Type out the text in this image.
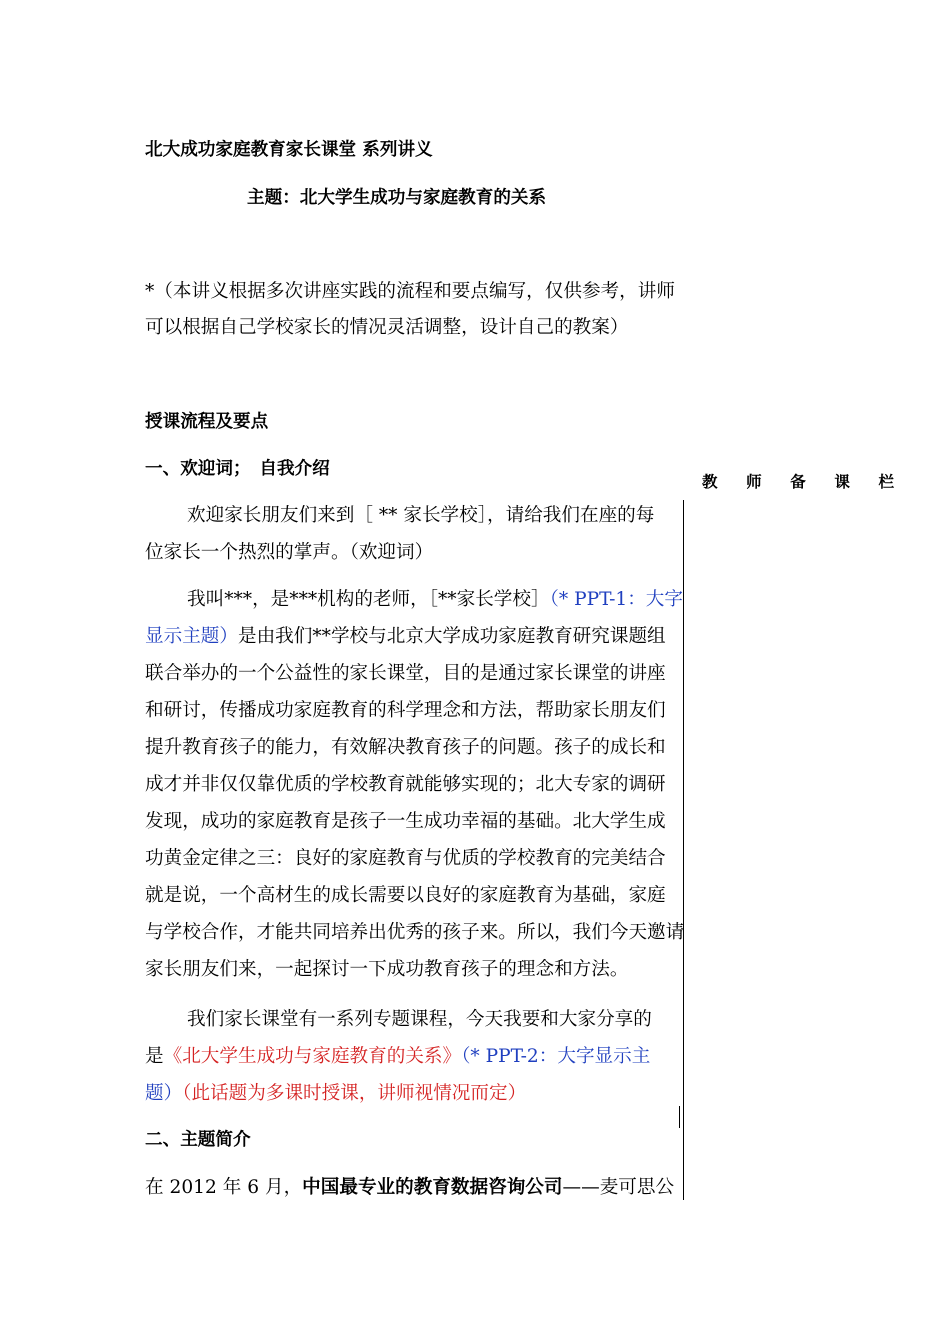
北大成功家庭教育家长课堂 系列讲义
主题：北大学生成功与家庭教育的关系
*（本讲义根据多次讲座实践的流程和要点编写，仅供参考，讲师
可以根据自己学校家长的情况灵活调整，设计自己的教案）
授课流程及要点
一、欢迎词；　自我介绍
教 师 备 课 栏
欢迎家长朋友们来到［ ** 家长学校］，请给我们在座的每
位家长一个热烈的掌声。（欢迎词）
我叫***，是***机构的老师，［**家长学校］（* PPT-1：大字
显示主题）是由我们**学校与北京大学成功家庭教育研究课题组
联合举办的一个公益性的家长课堂，目的是通过家长课堂的讲座
和研讨，传播成功家庭教育的科学理念和方法，帮助家长朋友们
提升教育孩子的能力，有效解决教育孩子的问题。孩子的成长和
成才并非仅仅靠优质的学校教育就能够实现的；北大专家的调研
发现，成功的家庭教育是孩子一生成功幸福的基础。北大学生成
功黄金定律之三：良好的家庭教育与优质的学校教育的完美结合
就是说，一个高材生的成长需要以良好的家庭教育为基础，家庭
与学校合作，才能共同培养出优秀的孩子来。所以，我们今天邀请
家长朋友们来，一起探讨一下成功教育孩子的理念和方法。
我们家长课堂有一系列专题课程，今天我要和大家分享的
是《北大学生成功与家庭教育的关系》（* PPT-2：大字显示主
题）（此话题为多课时授课，讲师视情况而定）
二、主题简介
在 2012 年 6 月，中国最专业的教育数据咨询公司——麦可思公
